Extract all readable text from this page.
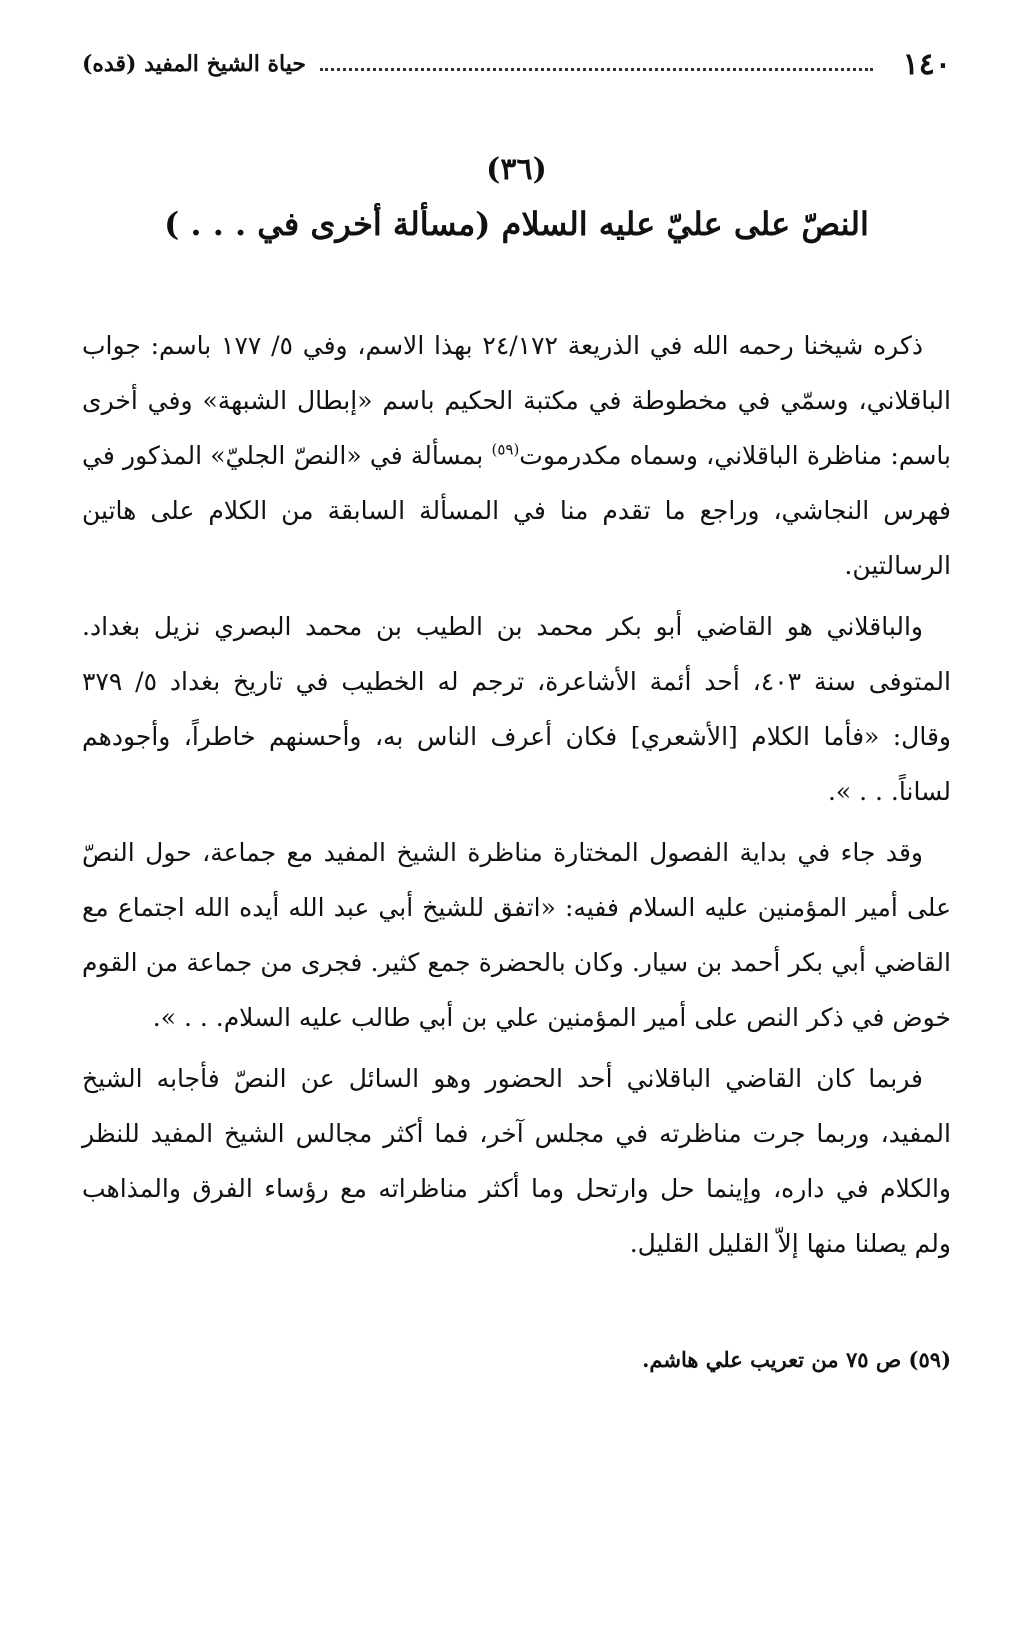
حياة الشيخ المفيد (قده)	١٤٠
(٣٦)
النصّ على عليّ عليه السلام (مسألة أخرى في . . . )

ذكره شيخنا رحمه الله في الذريعة ٢٤/١٧٢ بهذا الاسم، وفي ٥/ ١٧٧ باسم: جواب الباقلاني، وسمّي في مخطوطة في مكتبة الحكيم باسم «إبطال الشبهة» وفي أخرى باسم: مناظرة الباقلاني، وسماه مكدرموت$^{(٥٩)}$ بمسألة في «النصّ الجليّ» المذكور في فهرس النجاشي، وراجع ما تقدم منا في المسألة السابقة من الكلام على هاتين الرسالتين.

والباقلاني هو القاضي أبو بكر محمد بن الطيب بن محمد البصري نزيل بغداد. المتوفى سنة ٤٠٣، أحد أئمة الأشاعرة، ترجم له الخطيب في تاريخ بغداد ٥/ ٣٧٩ وقال: «فأما الكلام [الأشعري] فكان أعرف الناس به، وأحسنهم خاطراً، وأجودهم لساناً. . . ».

وقد جاء في بداية الفصول المختارة مناظرة الشيخ المفيد مع جماعة، حول النصّ على أمير المؤمنين عليه السلام ففيه: «اتفق للشيخ أبي عبد الله أيده الله اجتماع مع القاضي أبي بكر أحمد بن سيار. وكان بالحضرة جمع كثير. فجرى من جماعة من القوم خوض في ذكر النص على أمير المؤمنين علي بن أبي طالب عليه السلام. . . ».

فربما كان القاضي الباقلاني أحد الحضور وهو السائل عن النصّ فأجابه الشيخ المفيد، وربما جرت مناظرته في مجلس آخر، فما أكثر مجالس الشيخ المفيد للنظر والكلام في داره، وإينما حل وارتحل وما أكثر مناظراته مع رؤساء الفرق والمذاهب ولم يصلنا منها إلاّ القليل القليل.

(٥٩) ص ٧٥ من تعريب علي هاشم.
